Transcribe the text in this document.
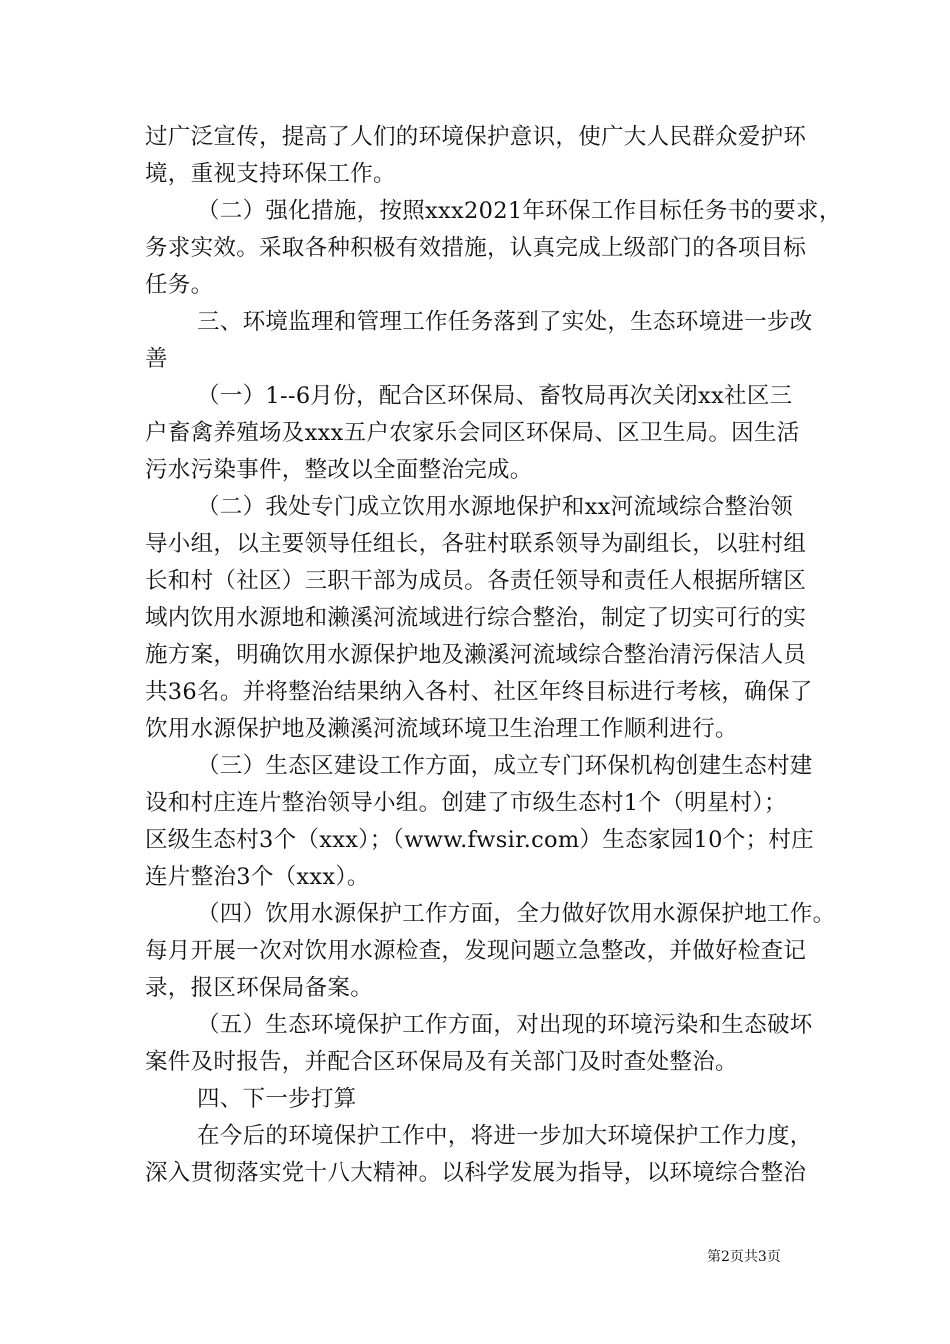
过广泛宣传，提高了人们的环境保护意识，使广大人民群众爱护环
境，重视支持环保工作。
（二）强化措施，按照xxx2021年环保工作目标任务书的要求，
务求实效。采取各种积极有效措施，认真完成上级部门的各项目标
任务。
三、环境监理和管理工作任务落到了实处，生态环境进一步改
善
（一）1--6月份，配合区环保局、畜牧局再次关闭xx社区三
户畜禽养殖场及xxx五户农家乐会同区环保局、区卫生局。因生活
污水污染事件，整改以全面整治完成。
（二）我处专门成立饮用水源地保护和xx河流域综合整治领
导小组，以主要领导任组长，各驻村联系领导为副组长，以驻村组
长和村（社区）三职干部为成员。各责任领导和责任人根据所辖区
域内饮用水源地和濑溪河流域进行综合整治，制定了切实可行的实
施方案，明确饮用水源保护地及濑溪河流域综合整治清污保洁人员
共36名。并将整治结果纳入各村、社区年终目标进行考核，确保了
饮用水源保护地及濑溪河流域环境卫生治理工作顺利进行。
（三）生态区建设工作方面，成立专门环保机构创建生态村建
设和村庄连片整治领导小组。创建了市级生态村1个（明星村）；
区级生态村3个（xxx）；（www.fwsir.com）生态家园10个；村庄
连片整治3个（xxx）。
（四）饮用水源保护工作方面，全力做好饮用水源保护地工作。
每月开展一次对饮用水源检查，发现问题立急整改，并做好检查记
录，报区环保局备案。
（五）生态环境保护工作方面，对出现的环境污染和生态破坏
案件及时报告，并配合区环保局及有关部门及时查处整治。
四、下一步打算
在今后的环境保护工作中，将进一步加大环境保护工作力度，
深入贯彻落实党十八大精神。以科学发展为指导，以环境综合整治
第2页共3页
